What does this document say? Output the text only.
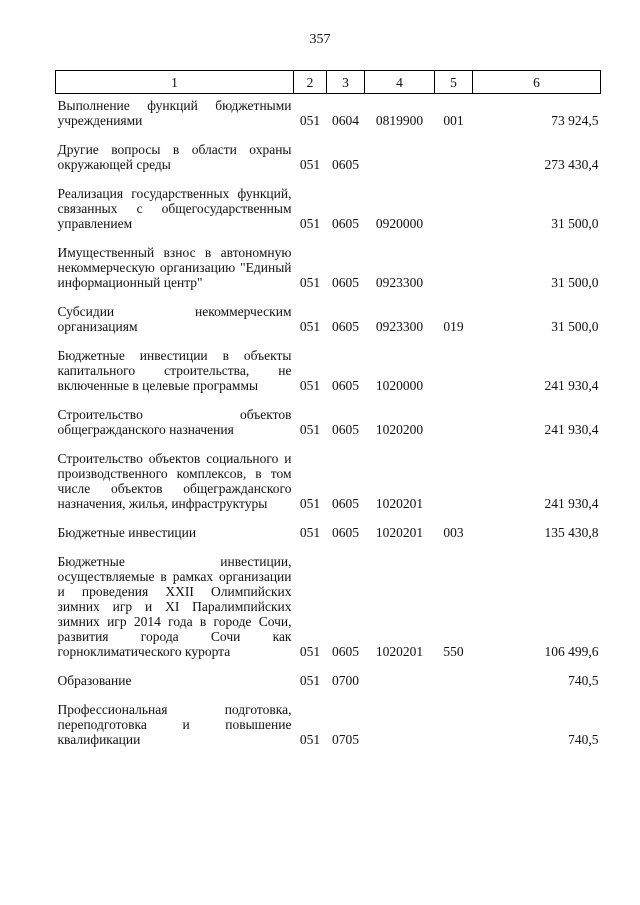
357
1	2	3	4	5	6
Выполнение функций бюджетными учреждениями	051	0604	0819900	001	73 924,5
Другие вопросы в области охраны окружающей среды	051	0605			273 430,4
Реализация государственных функций, связанных с общегосударственным управлением	051	0605	0920000		31 500,0
Имущественный взнос в автономную некоммерческую организацию "Единый информационный центр"	051	0605	0923300		31 500,0
Субсидии некоммерческим организациям	051	0605	0923300	019	31 500,0
Бюджетные инвестиции в объекты капитального строительства, не включенные в целевые программы	051	0605	1020000		241 930,4
Строительство объектов общегражданского назначения	051	0605	1020200		241 930,4
Строительство объектов социального и производственного комплексов, в том числе объектов общегражданского назначения, жилья, инфраструктуры	051	0605	1020201		241 930,4
Бюджетные инвестиции	051	0605	1020201	003	135 430,8
Бюджетные инвестиции, осуществляемые в рамках организации и проведения XXII Олимпийских зимних игр и XI Паралимпийских зимних игр 2014 года в городе Сочи, развития города Сочи как горноклиматического курорта	051	0605	1020201	550	106 499,6
Образование	051	0700			740,5
Профессиональная подготовка, переподготовка и повышение квалификации	051	0705			740,5
